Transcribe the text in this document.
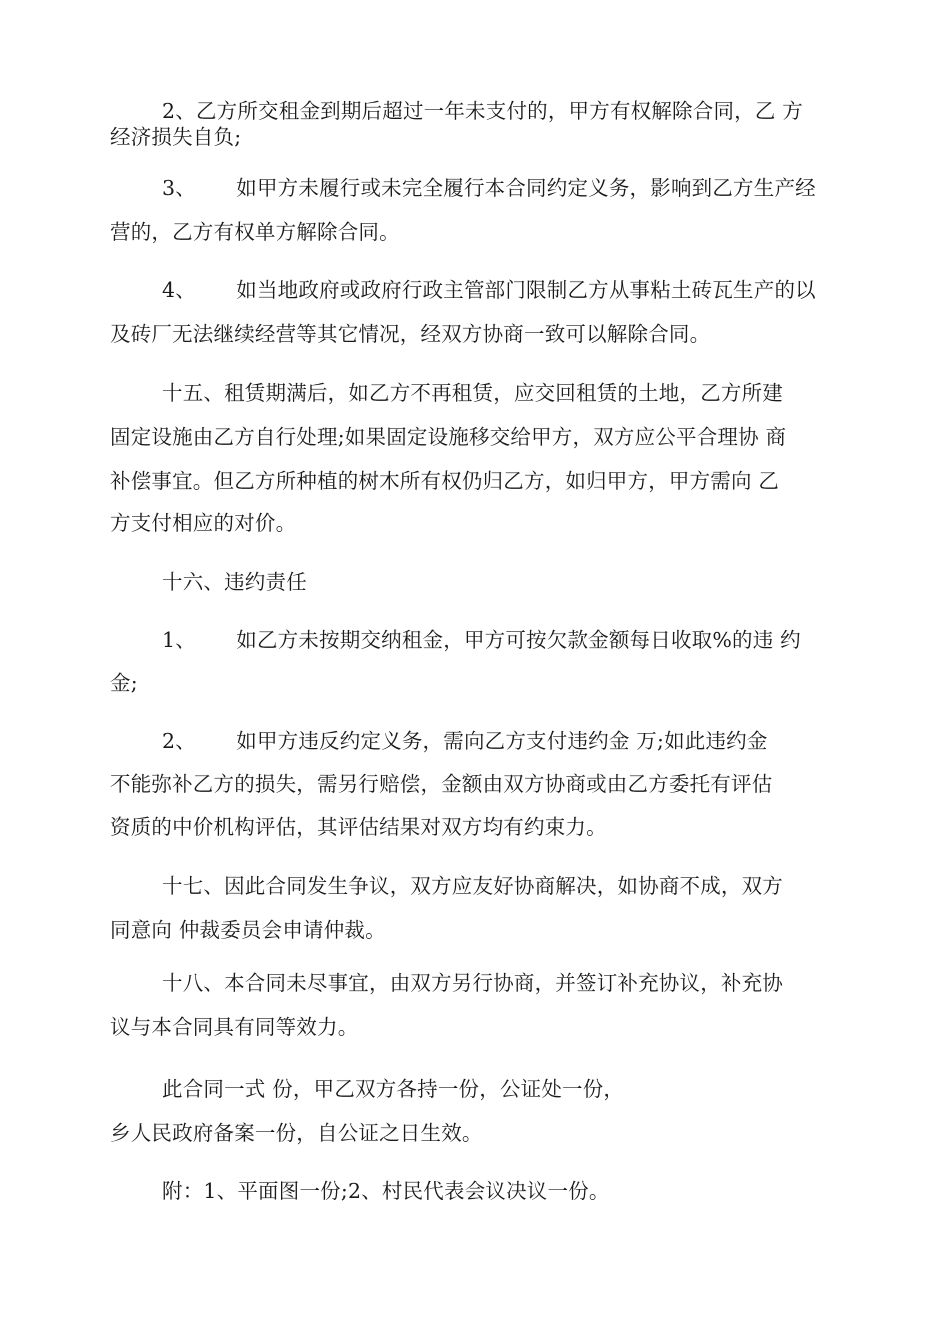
2、乙方所交租金到期后超过一年未支付的，甲方有权解除合同，乙 方
经济损失自负;
3、      如甲方未履行或未完全履行本合同约定义务，影响到乙方生产经
营的，乙方有权单方解除合同。
4、      如当地政府或政府行政主管部门限制乙方从事粘土砖瓦生产的以
及砖厂无法继续经营等其它情况，经双方协商一致可以解除合同。
十五、租赁期满后，如乙方不再租赁，应交回租赁的土地，乙方所建
固定设施由乙方自行处理;如果固定设施移交给甲方，双方应公平合理协 商
补偿事宜。但乙方所种植的树木所有权仍归乙方，如归甲方，甲方需向 乙
方支付相应的对价。
十六、违约责任
1、      如乙方未按期交纳租金，甲方可按欠款金额每日收取%的违 约
金;
2、      如甲方违反约定义务，需向乙方支付违约金 万;如此违约金
不能弥补乙方的损失，需另行赔偿，金额由双方协商或由乙方委托有评估
资质的中价机构评估，其评估结果对双方均有约束力。
十七、因此合同发生争议，双方应友好协商解决，如协商不成，双方
同意向 仲裁委员会申请仲裁。
十八、本合同未尽事宜，由双方另行协商，并签订补充协议，补充协
议与本合同具有同等效力。
此合同一式 份，甲乙双方各持一份，公证处一份，
乡人民政府备案一份，自公证之日生效。
附：1、平面图一份;2、村民代表会议决议一份。
